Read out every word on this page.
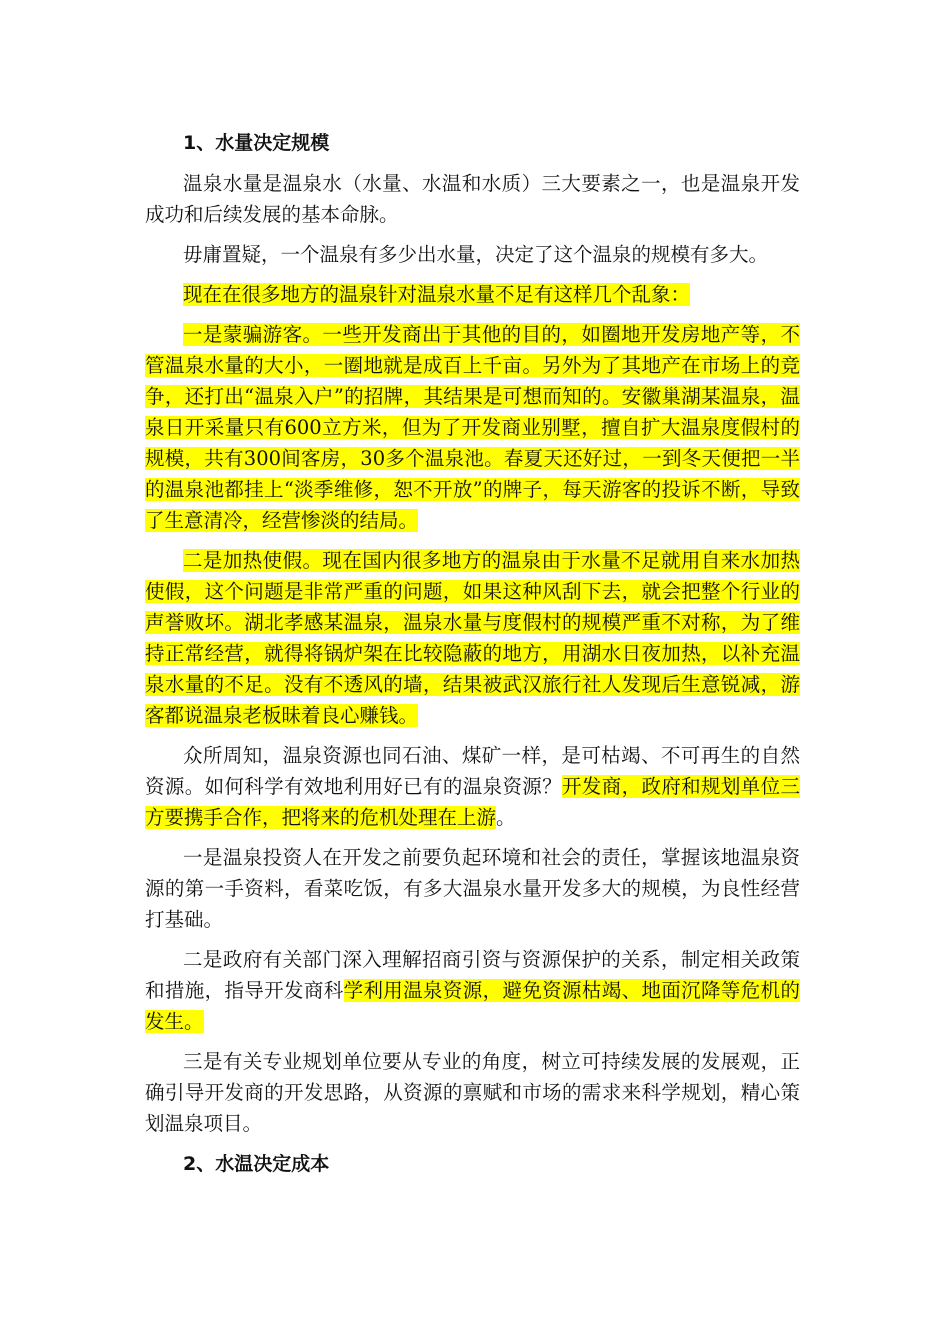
1、水量决定规模

温泉水量是温泉水（水量、水温和水质）三大要素之一，也是温泉开发成功和后续发展的基本命脉。

毋庸置疑，一个温泉有多少出水量，决定了这个温泉的规模有多大。

现在在很多地方的温泉针对温泉水量不足有这样几个乱象：

一是蒙骗游客。一些开发商出于其他的目的，如圈地开发房地产等，不管温泉水量的大小，一圈地就是成百上千亩。另外为了其地产在市场上的竞争，还打出“温泉入户”的招牌，其结果是可想而知的。安徽巢湖某温泉，温泉日开采量只有600立方米，但为了开发商业别墅，擅自扩大温泉度假村的规模，共有300间客房，30多个温泉池。春夏天还好过，一到冬天便把一半的温泉池都挂上“淡季维修，恕不开放”的牌子，每天游客的投诉不断，导致了生意清冷，经营惨淡的结局。

二是加热使假。现在国内很多地方的温泉由于水量不足就用自来水加热使假，这个问题是非常严重的问题，如果这种风刮下去，就会把整个行业的声誉败坏。湖北孝感某温泉，温泉水量与度假村的规模严重不对称，为了维持正常经营，就得将锅炉架在比较隐蔽的地方，用湖水日夜加热，以补充温泉水量的不足。没有不透风的墙，结果被武汉旅行社人发现后生意锐减，游客都说温泉老板昧着良心赚钱。

众所周知，温泉资源也同石油、煤矿一样，是可枯竭、不可再生的自然资源。如何科学有效地利用好已有的温泉资源？开发商，政府和规划单位三方要携手合作，把将来的危机处理在上游。

一是温泉投资人在开发之前要负起环境和社会的责任，掌握该地温泉资源的第一手资料，看菜吃饭，有多大温泉水量开发多大的规模，为良性经营打基础。

二是政府有关部门深入理解招商引资与资源保护的关系，制定相关政策和措施，指导开发商科学利用温泉资源，避免资源枯竭、地面沉降等危机的发生。

三是有关专业规划单位要从专业的角度，树立可持续发展的发展观，正确引导开发商的开发思路，从资源的禀赋和市场的需求来科学规划，精心策划温泉项目。

2、水温决定成本
